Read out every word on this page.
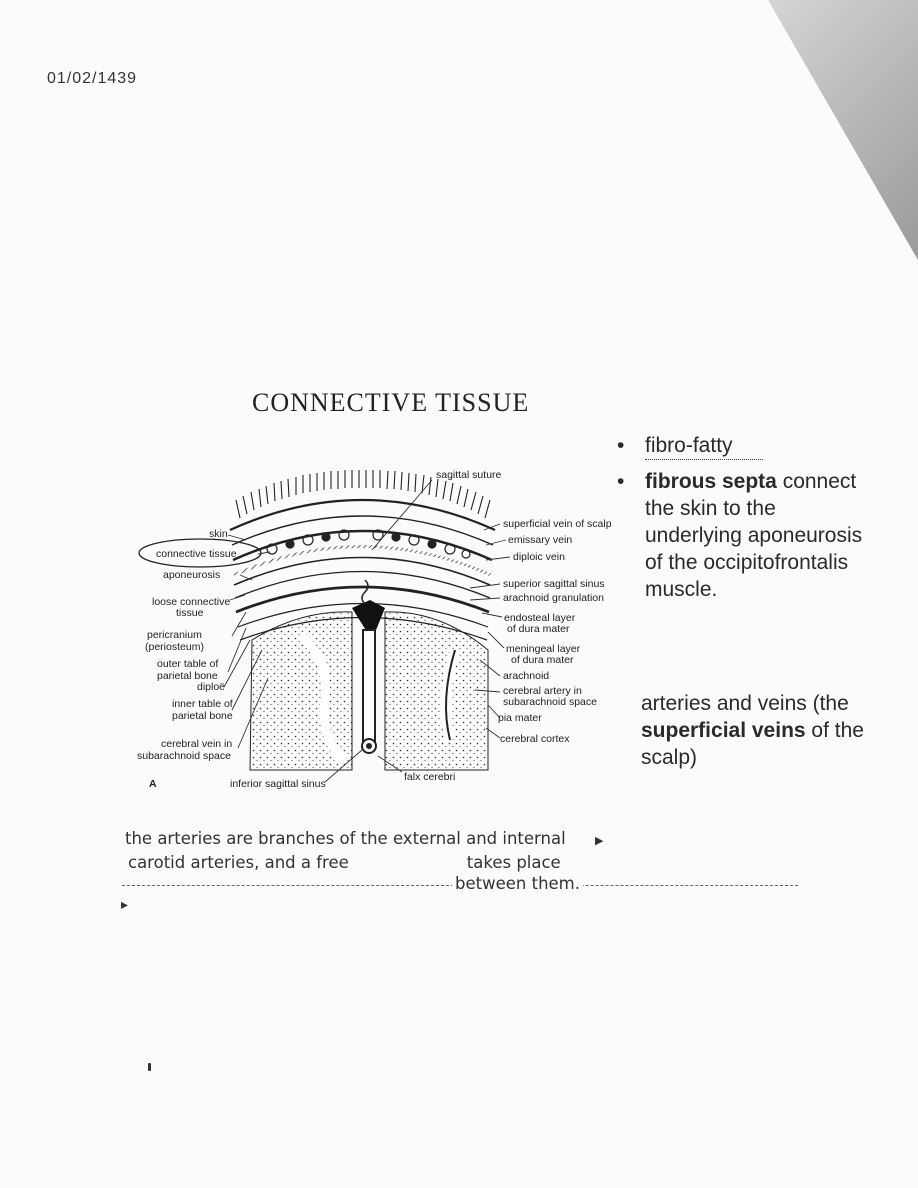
01/02/1439
CONNECTIVE TISSUE
skin
connective tissue
aponeurosis
loose connective
tissue
pericranium
(periosteum)
outer table of
parietal bone
diploë
inner table of
parietal bone
cerebral vein in
subarachnoid space
A
sagittal suture
superficial vein of scalp
emissary vein
diploic vein
superior sagittal sinus
arachnoid granulation
endosteal layer
of dura mater
meningeal layer
of dura mater
arachnoid
cerebral artery in
subarachnoid space
pia mater
cerebral cortex
inferior sagittal sinus
falx cerebri
• fibro-fatty
• fibrous septa connect the skin to the underlying aponeurosis of the occipitofrontalis muscle.
arteries and veins (the superficial veins of the scalp)
the arteries are branches of the external and internal	▶
carotid arteries, and a free	takes place
between them.
▸
